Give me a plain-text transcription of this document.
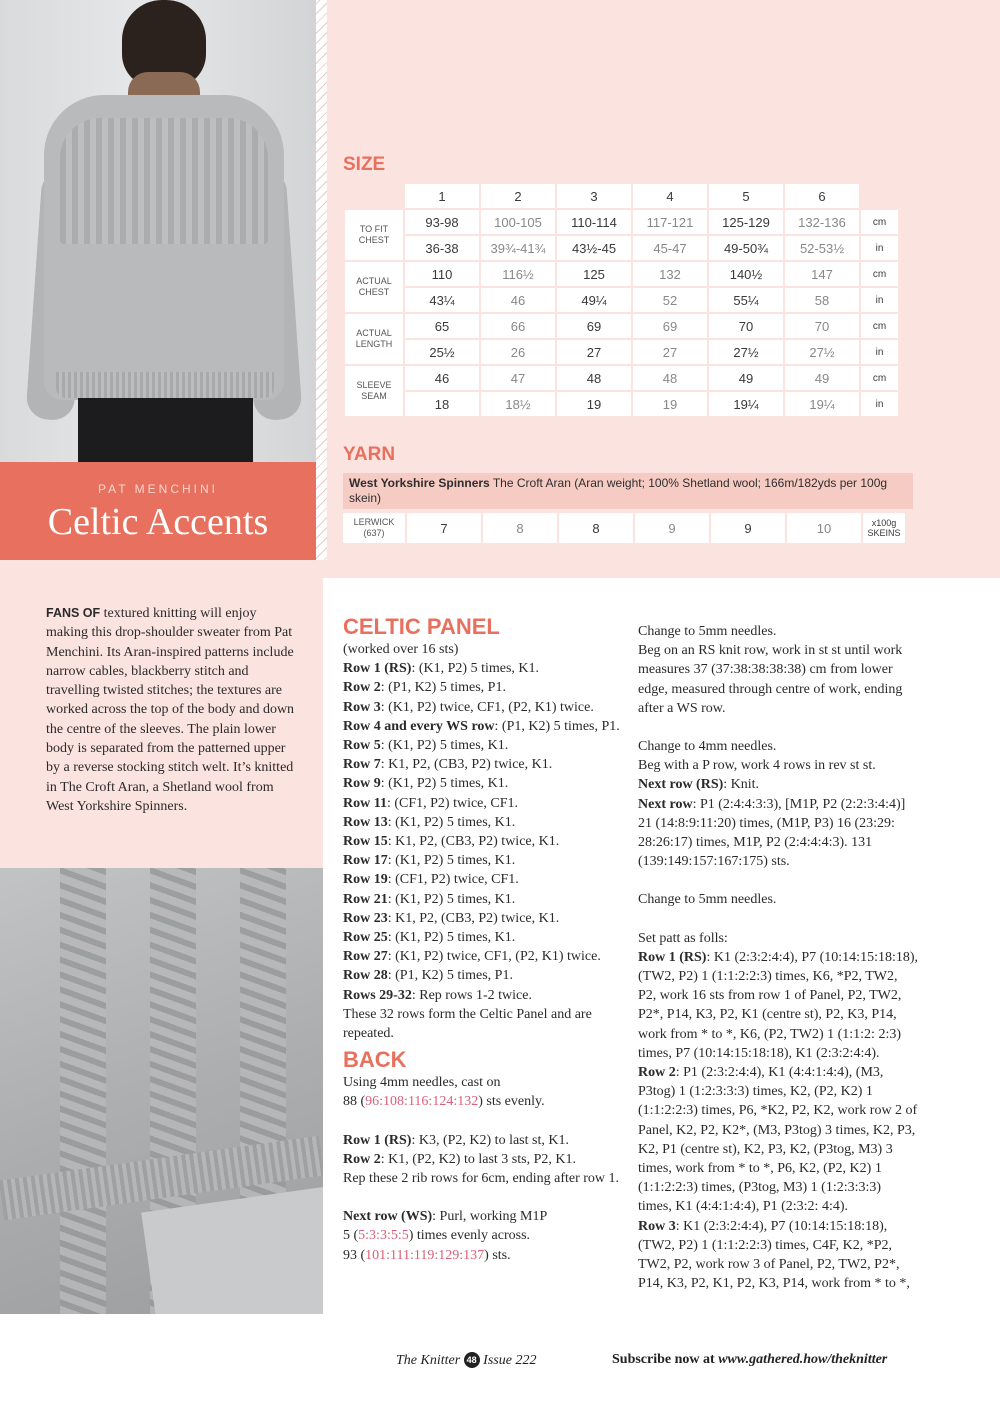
PAT MENCHINI
Celtic Accents
SIZE
	1	2	3	4	5	6	
TO FIT CHEST	93-98	100-105	110-114	117-121	125-129	132-136	cm
	36-38	39¾-41¾	43½-45	45-47	49-50¾	52-53½	in
ACTUAL CHEST	110	116½	125	132	140½	147	cm
	43¼	46	49¼	52	55¼	58	in
ACTUAL LENGTH	65	66	69	69	70	70	cm
	25½	26	27	27	27½	27½	in
SLEEVE SEAM	46	47	48	48	49	49	cm
	18	18½	19	19	19¼	19¼	in
YARN
West Yorkshire Spinners The Croft Aran (Aran weight; 100% Shetland wool; 166m/182yds per 100g skein)
LERWICK (637)	7	8	8	9	9	10	x100g SKEINS
FANS OF textured knitting will enjoy making this drop-shoulder sweater from Pat Menchini. Its Aran-inspired patterns include narrow cables, blackberry stitch and travelling twisted stitches; the textures are worked across the top of the body and down the centre of the sleeves. The plain lower body is separated from the patterned upper by a reverse stocking stitch welt. It’s knitted in The Croft Aran, a Shetland wool from West Yorkshire Spinners.

CELTIC PANEL

(worked over 16 sts)

Row 1 (RS): (K1, P2) 5 times, K1.

Row 2: (P1, K2) 5 times, P1.

Row 3: (K1, P2) twice, CF1, (P2, K1) twice.

Row 4 and every WS row: (P1, K2) 5 times, P1.

Row 5: (K1, P2) 5 times, K1.

Row 7: K1, P2, (CB3, P2) twice, K1.

Row 9: (K1, P2) 5 times, K1.

Row 11: (CF1, P2) twice, CF1.

Row 13: (K1, P2) 5 times, K1.

Row 15: K1, P2, (CB3, P2) twice, K1.

Row 17: (K1, P2) 5 times, K1.

Row 19: (CF1, P2) twice, CF1.

Row 21: (K1, P2) 5 times, K1.

Row 23: K1, P2, (CB3, P2) twice, K1.

Row 25: (K1, P2) 5 times, K1.

Row 27: (K1, P2) twice, CF1, (P2, K1) twice.

Row 28: (P1, K2) 5 times, P1.

Rows 29-32: Rep rows 1-2 twice.

These 32 rows form the Celtic Panel and are repeated.

BACK

Using 4mm needles, cast on
88 (96:108:116:124:132) sts evenly.

Row 1 (RS): K3, (P2, K2) to last st, K1.

Row 2: K1, (P2, K2) to last 3 sts, P2, K1.

Rep these 2 rib rows for 6cm, ending after row 1.

Next row (WS): Purl, working M1P
5 (5:3:3:5:5) times evenly across.
93 (101:111:119:129:137) sts.

Change to 5mm needles.

Beg on an RS knit row, work in st st until work measures 37 (37:38:38:38:38) cm from lower edge, measured through centre of work, ending after a WS row.

Change to 4mm needles.

Beg with a P row, work 4 rows in rev st st.

Next row (RS): Knit.

Next row: P1 (2:4:4:3:3), [M1P, P2 (2:2:3:4:4)] 21 (14:8:9:11:20) times, (M1P, P3) 16 (23:29: 28:26:17) times, M1P, P2 (2:4:4:4:3). 131 (139:149:157:167:175) sts.

Change to 5mm needles.

Set patt as folls:

Row 1 (RS): K1 (2:3:2:4:4), P7 (10:14:15:18:18), (TW2, P2) 1 (1:1:2:2:3) times, K6, *P2, TW2, P2, work 16 sts from row 1 of Panel, P2, TW2, P2*, P14, K3, P2, K1 (centre st), P2, K3, P14, work from * to *, K6, (P2, TW2) 1 (1:1:2: 2:3) times, P7 (10:14:15:18:18), K1 (2:3:2:4:4).

Row 2: P1 (2:3:2:4:4), K1 (4:4:1:4:4), (M3, P3tog) 1 (1:2:3:3:3) times, K2, (P2, K2) 1 (1:1:2:2:3) times, P6, *K2, P2, K2, work row 2 of Panel, K2, P2, K2*, (M3, P3tog) 3 times, K2, P3, K2, P1 (centre st), K2, P3, K2, (P3tog, M3) 3 times, work from * to *, P6, K2, (P2, K2) 1 (1:1:2:2:3) times, (P3tog, M3) 1 (1:2:3:3:3) times, K1 (4:4:1:4:4), P1 (2:3:2: 4:4).

Row 3: K1 (2:3:2:4:4), P7 (10:14:15:18:18), (TW2, P2) 1 (1:1:2:2:3) times, C4F, K2, *P2, TW2, P2, work row 3 of Panel, P2, TW2, P2*, P14, K3, P2, K1, P2, K3, P14, work from * to *,

The Knitter 48 Issue 222	Subscribe now at www.gathered.how/theknitter
